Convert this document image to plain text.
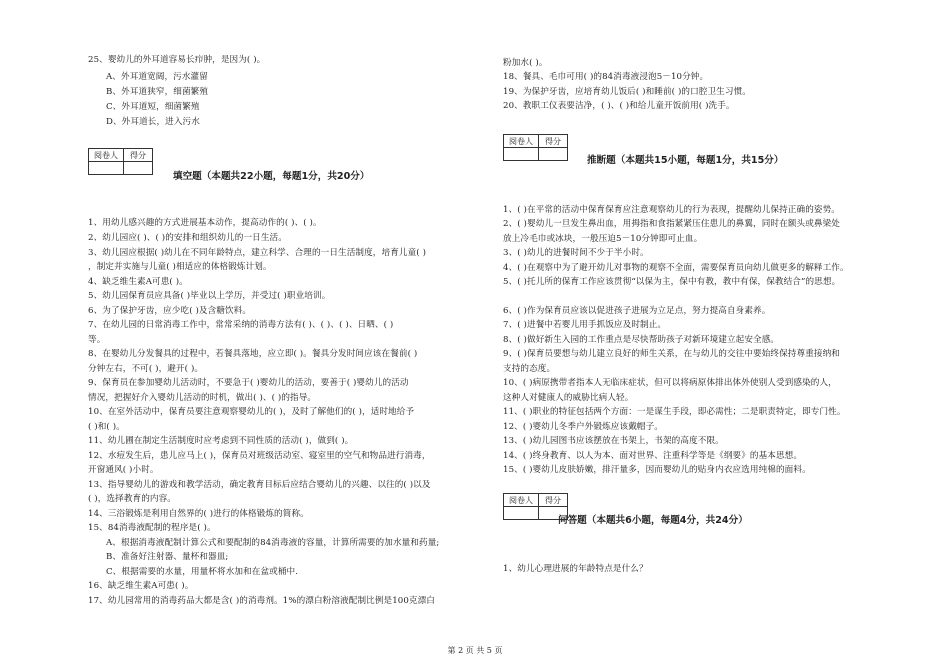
25、婴幼儿的外耳道容易长疖肿，是因为( )。
A、外耳道宽阔，污水灌留
B、外耳道狭窄，细菌繁殖
C、外耳道短，细菌繁殖
D、外耳道长，进入污水
阅卷人	得分

填空题（本题共22小题，每题1分，共20分）
1、用幼儿感兴趣的方式进展基本动作，提高动作的( )、( )。
2、幼儿园应( )、( )的安排和组织幼儿的一日生活。
3、幼儿园应根据( )幼儿在不同年龄特点，建立科学、合理的一日生活制度，培育儿童( )
，制定并实施与儿童( )相适应的体格锻炼计划。
4、缺乏维生素A可患( )。
5、幼儿园保育员应具备( )毕业以上学历，并受过( )职业培训。
6、为了保护牙齿，应少吃( )及含糖饮料。
7、在幼儿园的日常消毒工作中，常常采纳的消毒方法有( )、( )、( )、日晒、( )
等。
8、在婴幼儿分发餐具的过程中，若餐具落地，应立即( )。餐具分发时间应该在餐前( )
分钟左右，不可( )，避开( )。
9、保育员在参加婴幼儿活动时，不要急于( )婴幼儿的活动，要善于( )婴幼儿的活动
情况，把握好介入婴幼儿活动的时机，做出( )、( )的指导。
10、在室外活动中，保育员要注意观察婴幼儿的( )，及时了解他们的( )，适时地给予
( )和( )。
11、幼儿圃在制定生活制度时应考虑到不同性质的活动( )，做到( )。
12、水痘发生后，患儿应马上( )，保育员对班级活动室、寝室里的空气和物品进行消毒，
开窗通风( )小时。
13、指导婴幼儿的游戏和教学活动，确定教育目标后应结合婴幼儿的兴趣、以往的( )以及
( )，选择教育的内容。
14、三浴锻炼是利用自然界的( )进行的体格锻炼的简称。
15、84消毒液配制的程序是( )。
A、根据消毒液配制计算公式和要配制的84消毒液的容量，计算所需要的加水量和药量;
B、准备好注射器、量杯和器皿;
C、根据需要的水量，用量杯将水加和在盆或桶中.
16、缺乏维生素A可患( )。
17、幼儿园常用的消毒药品大都是含( )的消毒剂。1%的漂白粉溶液配制比例是100克漂白
粉加水( )。
18、餐具、毛巾可用( )的84消毒液浸泡5－10分钟。
19、为保护牙齿，应培育幼儿饭后( )和睡前( )的口腔卫生习惯。
20、教职工仪表要洁净，( )、( )和给儿童开饭前用( )洗手。
阅卷人	得分

推断题（本题共15小题，每题1分，共15分）
1、( )在平常的活动中保育保育应注意观察幼儿的行为表现，提醒幼儿保持正确的姿势。
2、( )婴幼儿一旦发生鼻出血，用拇指和食指紧紧压住患儿的鼻翼，同时在额头或鼻梁处
放上冷毛巾或冰块，一般压迫5－10分钟即可止血。
3、( )幼儿的进餐时间不少于半小时。
4、( )在观察中为了避开幼儿对事物的观察不全面，需要保育员向幼儿做更多的解释工作。
5、( )托儿所的保育工作应该贯彻“以保为主，保中有教，教中有保，保教结合”的思想。
6、( )作为保育员应该以促进孩子进展为立足点，努力提高自身素养。
7、( )进餐中若婴儿用手抓饭应及时制止。
8、( )做好新生入园的工作重点是尽快帮助孩子对新环境建立起安全感。
9、( )保育员要想与幼儿建立良好的师生关系，在与幼儿的交往中要始终保持尊重接纳和
支持的态度。
10、( )病原携带者指本人无临床症状，但可以将病原体排出体外使别人受到感染的人，
这种人对健康人的威胁比病人轻。
11、( )职业的特征包括两个方面：一是谋生手段，即必需性；二是职责特定，即专门性。
12、( )婴幼儿冬季户外锻炼应该戴帽子。
13、( )幼儿园图书应该摆放在书架上，书架的高度不限。
14、( )终身教育、以人为本、面对世界、注重科学等是《纲要》的基本思想。
15、( )婴幼儿皮肤娇嫩，排汗量多，因而婴幼儿的贴身内衣应选用纯棉的面料。
阅卷人	得分

问答题（本题共6小题，每题4分，共24分）
1、幼儿心理进展的年龄特点是什么？
第 2 页 共 5 页
